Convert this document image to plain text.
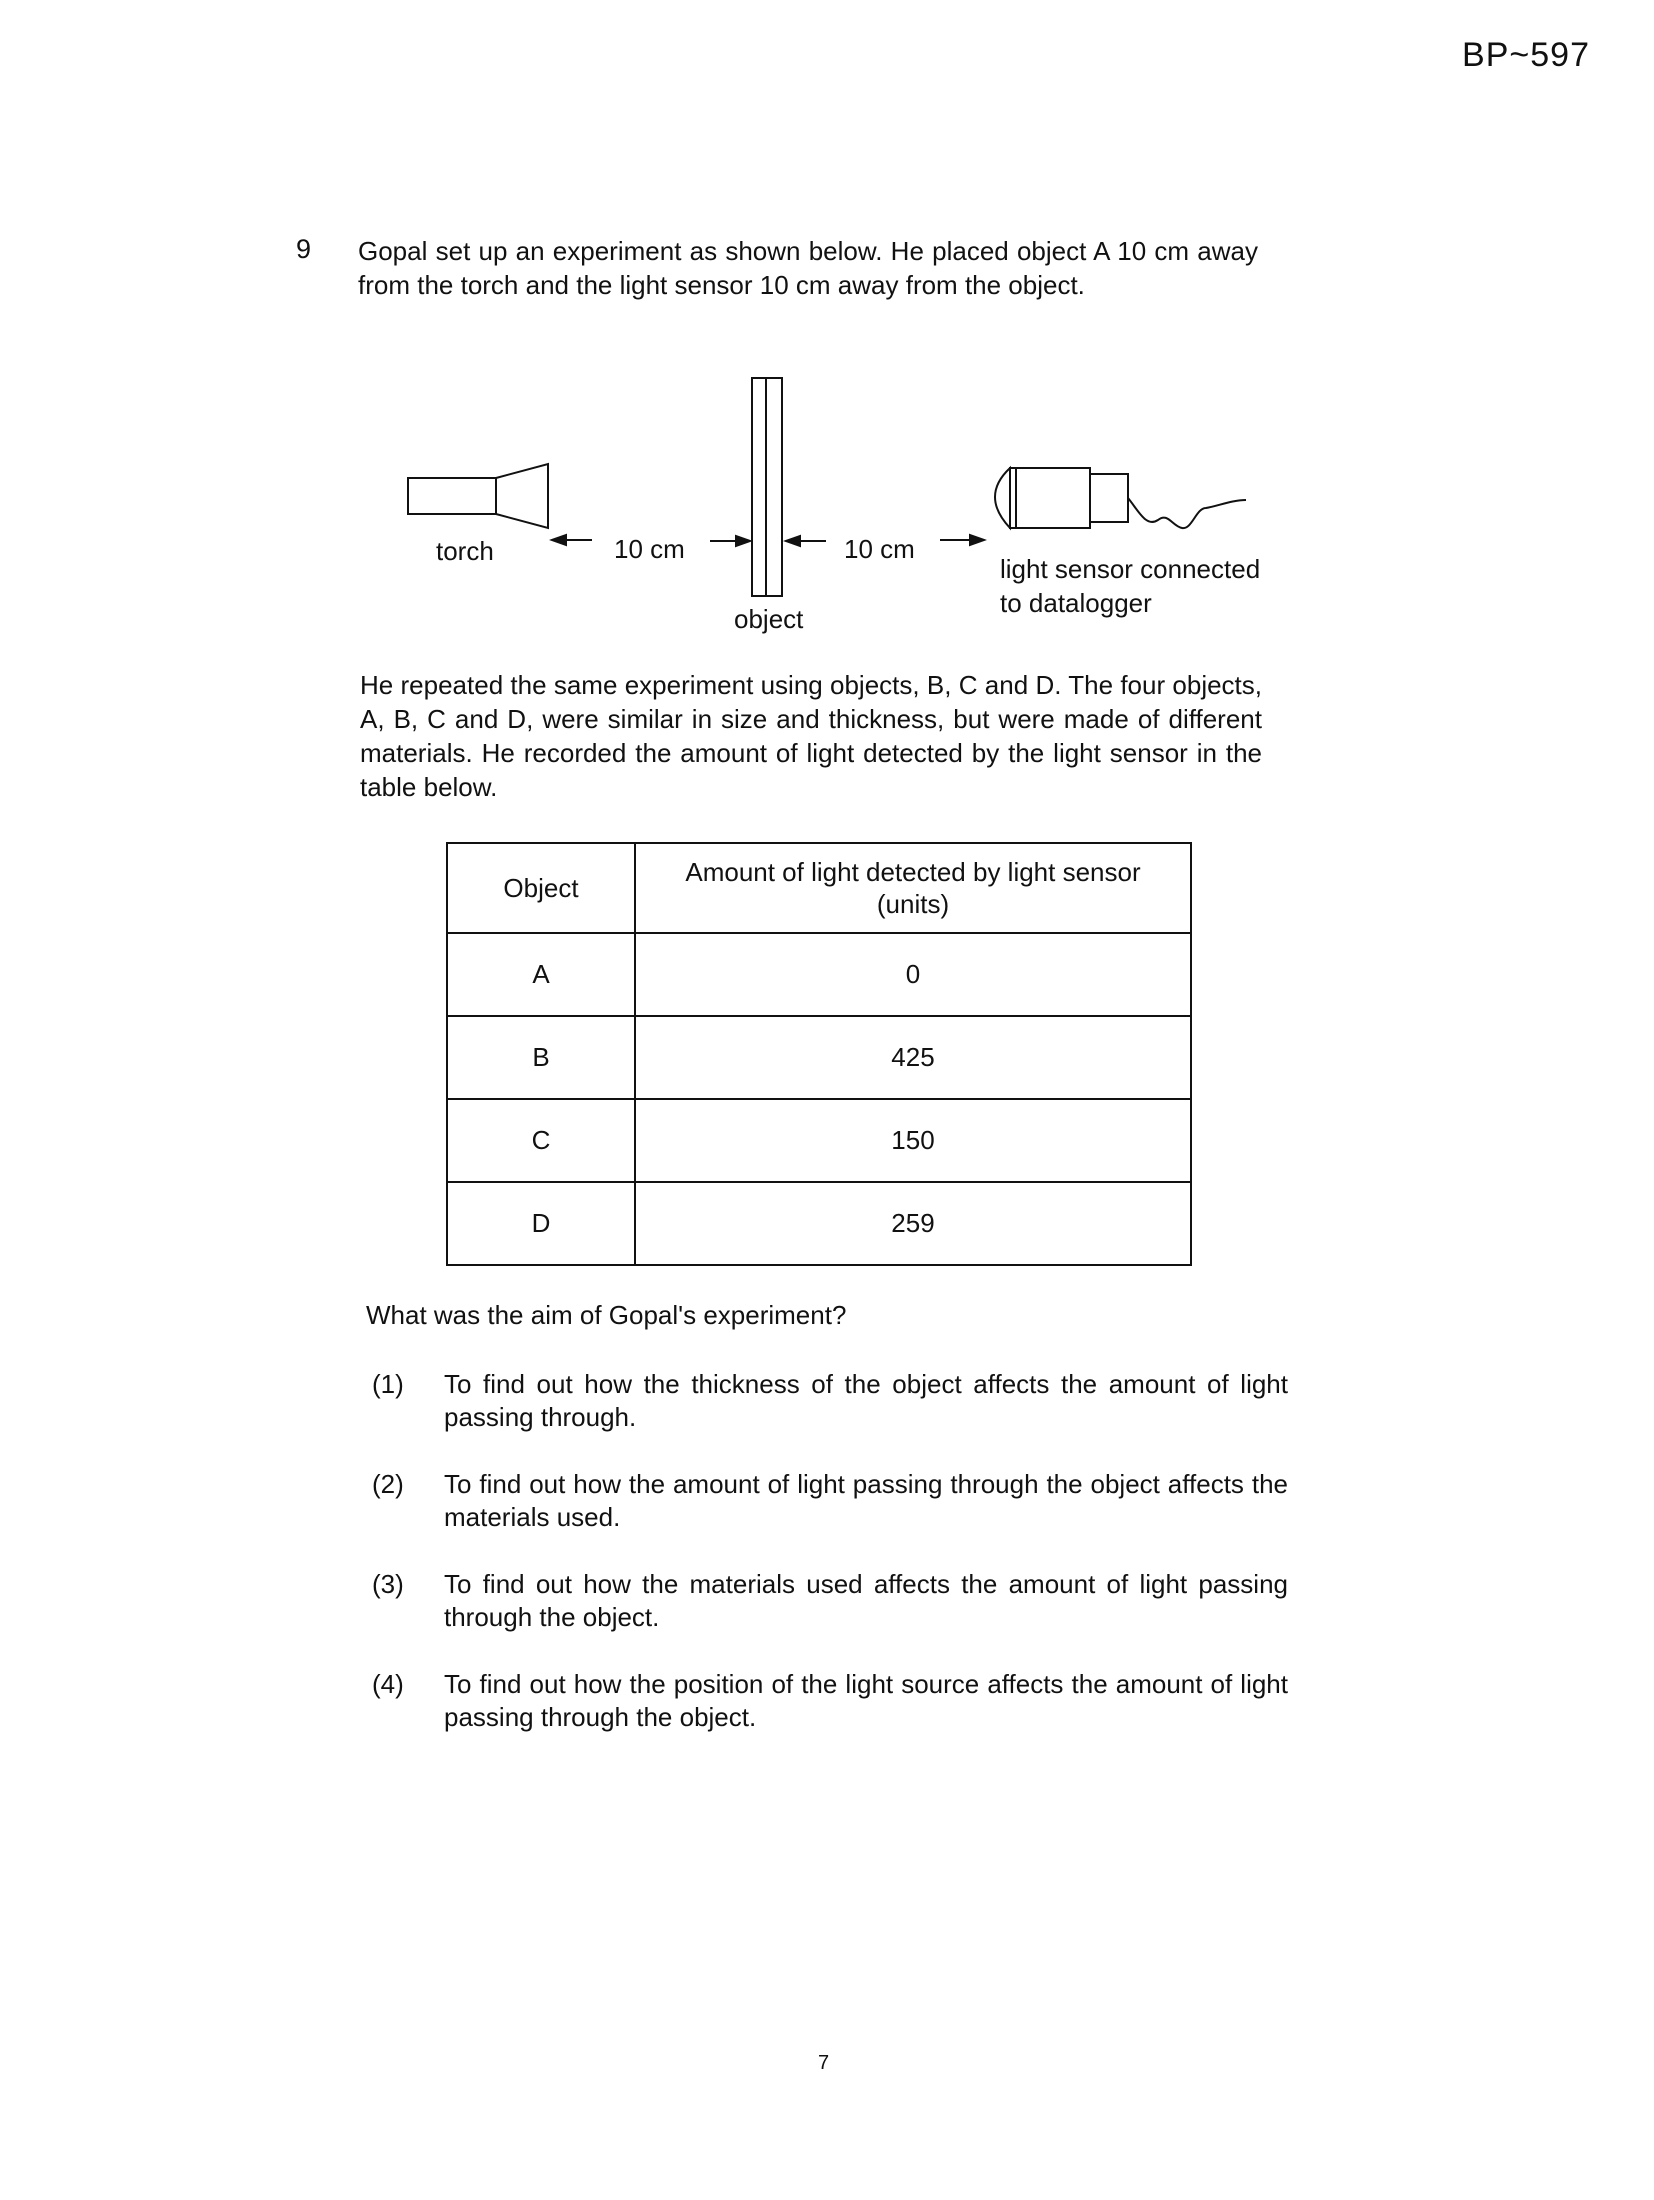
BP~597
9 Gopal set up an experiment as shown below. He placed object A 10 cm away from the torch and the light sensor 10 cm away from the object.
torch	10 cm	10 cm
object
light sensor connected
to datalogger
He repeated the same experiment using objects, B, C and D. The four objects, A, B, C and D, were similar in size and thickness, but were made of different materials. He recorded the amount of light detected by the light sensor in the table below.
Object	Amount of light detected by light sensor
(units)
A	0
B	425
C	150
D	259
What was the aim of Gopal's experiment?
(1) To find out how the thickness of the object affects the amount of light passing through.
(2) To find out how the amount of light passing through the object affects the materials used.
(3) To find out how the materials used affects the amount of light passing through the object.
(4) To find out how the position of the light source affects the amount of light passing through the object.
7
